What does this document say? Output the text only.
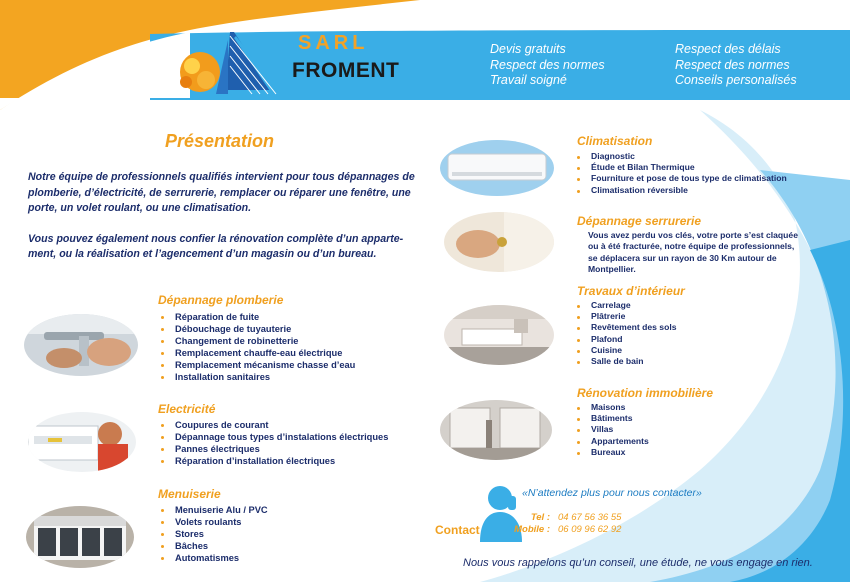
SARL
FROMENT
Devis gratuits
Respect des normes
Travail soigné
Respect des délais
Respect des normes
Conseils personalisés
Présentation

Notre équipe de professionnels qualifiés intervient pour tous dépannages de plomberie, d’électricité, de serrurerie, remplacer ou réparer une fenêtre, une porte, un volet roulant, ou une climatisation.

Vous pouvez également nous confier la rénovation complète d’un apparte-ment, ou la réalisation et l’agencement d’un magasin ou d’un bureau.

Dépannage plomberie
Réparation de fuite
Débouchage de tuyauterie
Changement de robinetterie
Remplacement chauffe-eau électrique
Remplacement mécanisme chasse d’eau
Installation sanitaires
Electricité
Coupures de courant
Dépannage tous types d’instalations électriques
Pannes électriques
Réparation d’installation électriques
Menuiserie
Menuiserie Alu / PVC
Volets roulants
Stores
Bâches
Automatismes
Climatisation
Diagnostic
Étude et Bilan Thermique
Fourniture et pose de tous type de climatisation
Climatisation réversible
Dépannage serrurerie
Vous avez perdu vos clés, votre porte s’est claquée ou à été fracturée, notre équipe de professionnels, se déplacera sur un rayon de 30 Km autour de Montpellier.
Travaux d’intérieur
Carrelage
Plâtrerie
Revêtement des sols
Plafond
Cuisine
Salle de bain
Rénovation immobilière
Maisons
Bâtiments
Villas
Appartements
Bureaux
«N’attendez plus pour nous contacter»
Contact
Tel : 04 67 56 36 55
Mobile : 06 09 96 62 92
Nous vous rappelons qu’un conseil, une étude, ne vous engage en rien.
